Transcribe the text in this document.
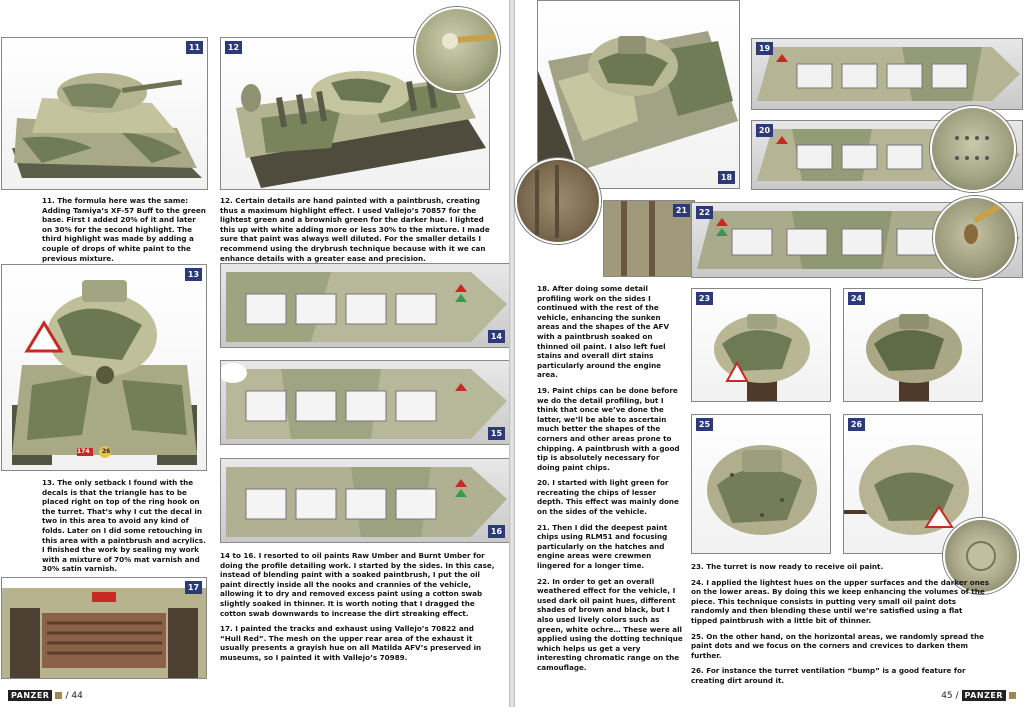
11	12

11. The formula here was the same: Adding Tamiya’s XF-57 Buff to the green base. First I added 20% of it and later on 30% for the second highlight. The third highlight was made by adding a couple of drops of white paint to the previous mixture.

12. Certain details are hand painted with a paintbrush, creating thus a maximum highlight effect. I used Vallejo’s 70857 for the lightest green and a brownish green for the darker hue. I lighted this up with white adding more or less 30% to the mixture. I made sure that paint was always well diluted. For the smaller details I recommend using the drybrush technique because with it we can enhance details with a greater ease and precision.

13
174 26
14
15
16

13. The only setback I found with the decals is that the triangle has to be placed right on top of the ring hook on the turret. That’s why I cut the decal in two in this area to avoid any kind of folds. Later on I did some retouching in this area with a paintbrush and acrylics. I finished the work by sealing my work with a mixture of 70% mat varnish and 30% satin varnish.

14 to 16. I resorted to oil paints Raw Umber and Burnt Umber for doing the profile detailing work. I started by the sides. In this case, instead of blending paint with a soaked paintbrush, I put the oil paint directly inside all the nooks and crannies of the vehicle, allowing it to dry and removed excess paint using a cotton swab slightly soaked in thinner. It is worth noting that I dragged the cotton swab downwards to increase the dirt streaking effect.

17. I painted the tracks and exhaust using Vallejo’s 70822 and “Hull Red”. The mesh on the upper rear area of the exhaust it usually presents a grayish hue on all Matilda AFV’s preserved in museums, so I painted it with Vallejo’s 70989.

17
PANZER	/ 44
18
19
20
21	22

18. After doing some detail profiling work on the sides I continued with the rest of the vehicle, enhancing the sunken areas and the shapes of the AFV with a paintbrush soaked on thinned oil paint. I also left fuel stains and overall dirt stains particularly around the engine area.

19. Paint chips can be done before we do the detail profiling, but I think that once we’ve done the latter, we’ll be able to ascertain much better the shapes of the corners and other areas prone to chipping. A paintbrush with a good tip is absolutely necessary for doing paint chips.

20. I started with light green for recreating the chips of lesser depth. This effect was mainly done on the sides of the vehicle.

21. Then I did the deepest paint chips using RLM51 and focusing particularly on the hatches and engine areas were crewmen lingered for a longer time.

22. In order to get an overall weathered effect for the vehicle, I used dark oil paint hues, different shades of brown and black, but I also used lively colors such as green, white ochre… These were all applied using the dotting technique which helps us get a very interesting chromatic range on the camouflage.

23	24
25	26

23. The turret is now ready to receive oil paint.

24. I applied the lightest hues on the upper surfaces and the darker ones on the lower areas. By doing this we keep enhancing the volumes of the piece. This technique consists in putting very small oil paint dots randomly and then blending these until we’re satisfied using a flat tipped paintbrush with a little bit of thinner.

25. On the other hand, on the horizontal areas, we randomly spread the paint dots and we focus on the corners and crevices to darken them further.

26. For instance the turret ventilation “bump” is a good feature for creating dirt around it.

45 / PANZER
